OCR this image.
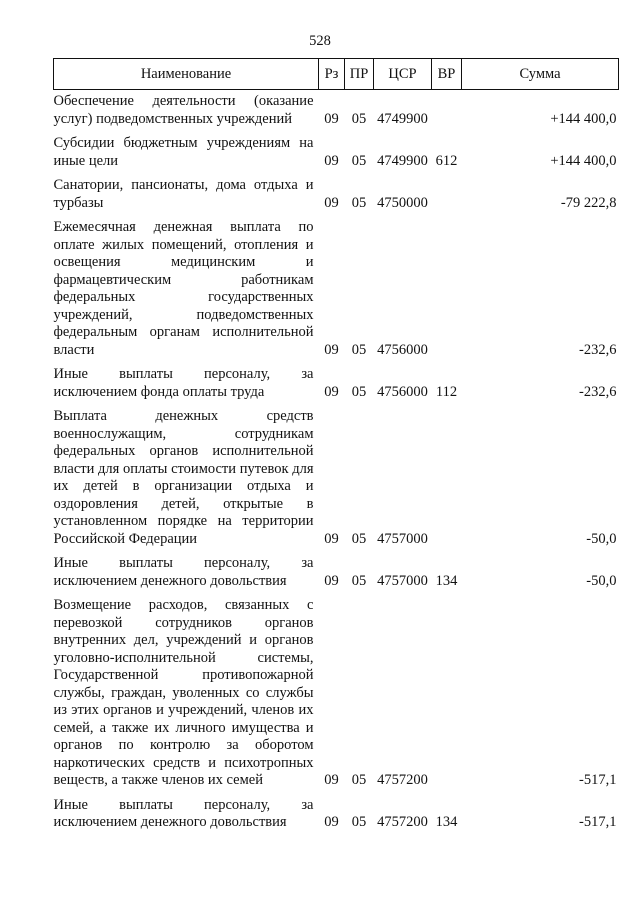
528
Наименование	Рз	ПР	ЦСР	ВР	Сумма
Обеспечение деятельности (оказание услуг) подведомственных учреждений	09	05	4749900		+144 400,0
Субсидии бюджетным учреждениям на иные цели	09	05	4749900	612	+144 400,0
Санатории, пансионаты, дома отдыха и турбазы	09	05	4750000		-79 222,8
Ежемесячная денежная выплата по оплате жилых помещений, отопления и освещения медицинским и фармацевтическим работникам федеральных государственных учреждений, подведомственных федеральным органам исполнительной власти	09	05	4756000		-232,6
Иные выплаты персоналу, за исключением фонда оплаты труда	09	05	4756000	112	-232,6
Выплата денежных средств военнослужащим, сотрудникам федеральных органов исполнительной власти для оплаты стоимости путевок для их детей в организации отдыха и оздоровления детей, открытые в установленном порядке на территории Российской Федерации	09	05	4757000		-50,0
Иные выплаты персоналу, за исключением денежного довольствия	09	05	4757000	134	-50,0
Возмещение расходов, связанных с перевозкой сотрудников органов внутренних дел, учреждений и органов уголовно-исполнительной системы, Государственной противопожарной службы, граждан, уволенных со службы из этих органов и учреждений, членов их семей, а также их личного имущества и органов по контролю за оборотом наркотических средств и психотропных веществ, а также членов их семей	09	05	4757200		-517,1
Иные выплаты персоналу, за исключением денежного довольствия	09	05	4757200	134	-517,1
